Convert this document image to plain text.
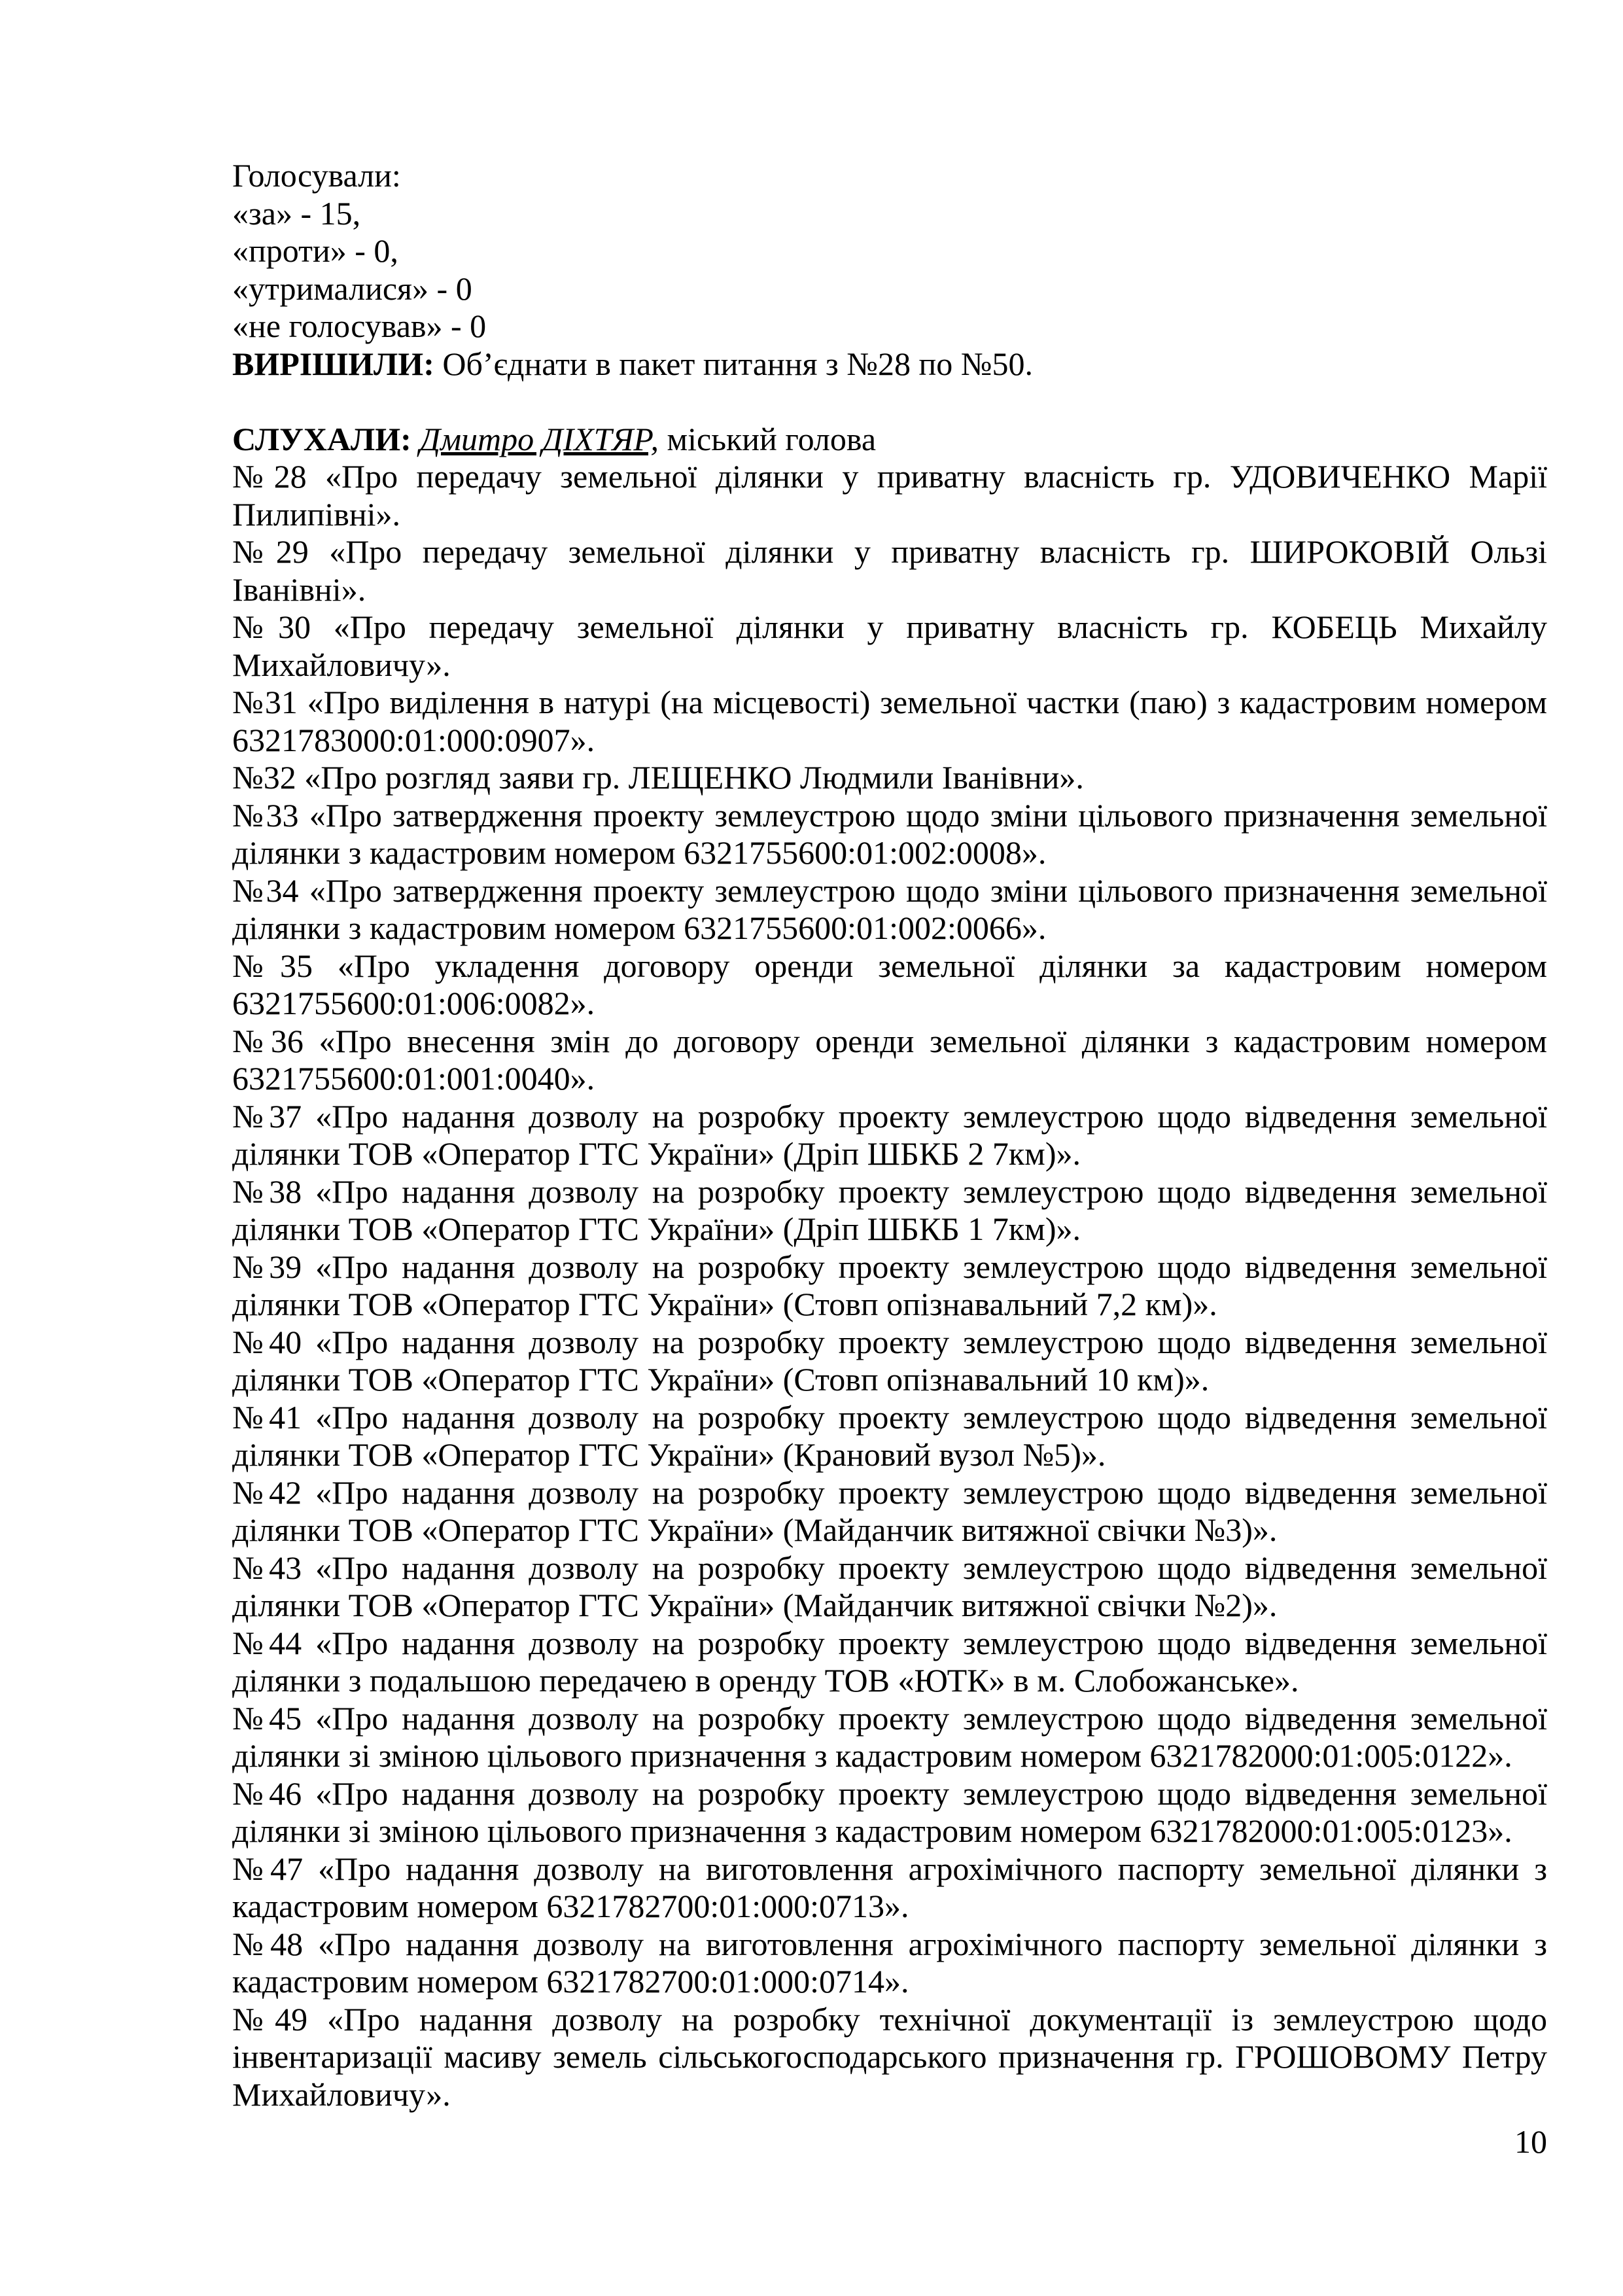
Голосували:

«за» - 15,

«проти» - 0,

«утрималися» - 0

«не голосував» - 0

ВИРІШИЛИ: Об’єднати в пакет питання з №28 по №50.

СЛУХАЛИ: Дмитро ДІХТЯР, міський голова

№28 «Про передачу земельної ділянки у приватну власність гр. УДОВИЧЕНКО Марії Пилипівні».

№29 «Про передачу земельної ділянки у приватну власність гр. ШИРОКОВІЙ Ользі Іванівні».

№30 «Про передачу земельної ділянки у приватну власність гр. КОБЕЦЬ Михайлу Михайловичу».

№31 «Про виділення в натурі (на місцевості) земельної частки (паю) з кадастровим номером 6321783000:01:000:0907».

№32 «Про розгляд заяви гр. ЛЕЩЕНКО Людмили Іванівни».

№33 «Про затвердження проекту землеустрою щодо зміни цільового призначення земельної ділянки з кадастровим номером 6321755600:01:002:0008».

№34 «Про затвердження проекту землеустрою щодо зміни цільового призначення земельної ділянки з кадастровим номером 6321755600:01:002:0066».

№35 «Про укладення договору оренди земельної ділянки за кадастровим номером 6321755600:01:006:0082».

№36 «Про внесення змін до договору оренди земельної ділянки з кадастровим номером 6321755600:01:001:0040».

№37 «Про надання дозволу на розробку проекту землеустрою щодо відведення земельної ділянки ТОВ «Оператор ГТС України» (Дріп ШБКБ 2 7км)».

№38 «Про надання дозволу на розробку проекту землеустрою щодо відведення земельної ділянки ТОВ «Оператор ГТС України» (Дріп ШБКБ 1 7км)».

№39 «Про надання дозволу на розробку проекту землеустрою щодо відведення земельної ділянки ТОВ «Оператор ГТС України» (Стовп опізнавальний 7,2 км)».

№40 «Про надання дозволу на розробку проекту землеустрою щодо відведення земельної ділянки ТОВ «Оператор ГТС України» (Стовп опізнавальний 10 км)».

№41 «Про надання дозволу на розробку проекту землеустрою щодо відведення земельної ділянки ТОВ «Оператор ГТС України» (Крановий вузол №5)».

№42 «Про надання дозволу на розробку проекту землеустрою щодо відведення земельної ділянки ТОВ «Оператор ГТС України» (Майданчик витяжної свічки №3)».

№43 «Про надання дозволу на розробку проекту землеустрою щодо відведення земельної ділянки ТОВ «Оператор ГТС України» (Майданчик витяжної свічки №2)».

№44 «Про надання дозволу на розробку проекту землеустрою щодо відведення земельної ділянки з подальшою передачею в оренду ТОВ «ЮТК» в м. Слобожанське».

№45 «Про надання дозволу на розробку проекту землеустрою щодо відведення земельної ділянки зі зміною цільового призначення з кадастровим номером 6321782000:01:005:0122».

№46 «Про надання дозволу на розробку проекту землеустрою щодо відведення земельної ділянки зі зміною цільового призначення з кадастровим номером 6321782000:01:005:0123».

№47 «Про надання дозволу на виготовлення агрохімічного паспорту земельної ділянки з кадастровим номером 6321782700:01:000:0713».

№48 «Про надання дозволу на виготовлення агрохімічного паспорту земельної ділянки з кадастровим номером 6321782700:01:000:0714».

№49 «Про надання дозволу на розробку технічної документації із землеустрою щодо інвентаризації масиву земель сільськогосподарського призначення гр. ГРОШОВОМУ Петру Михайловичу».

10
